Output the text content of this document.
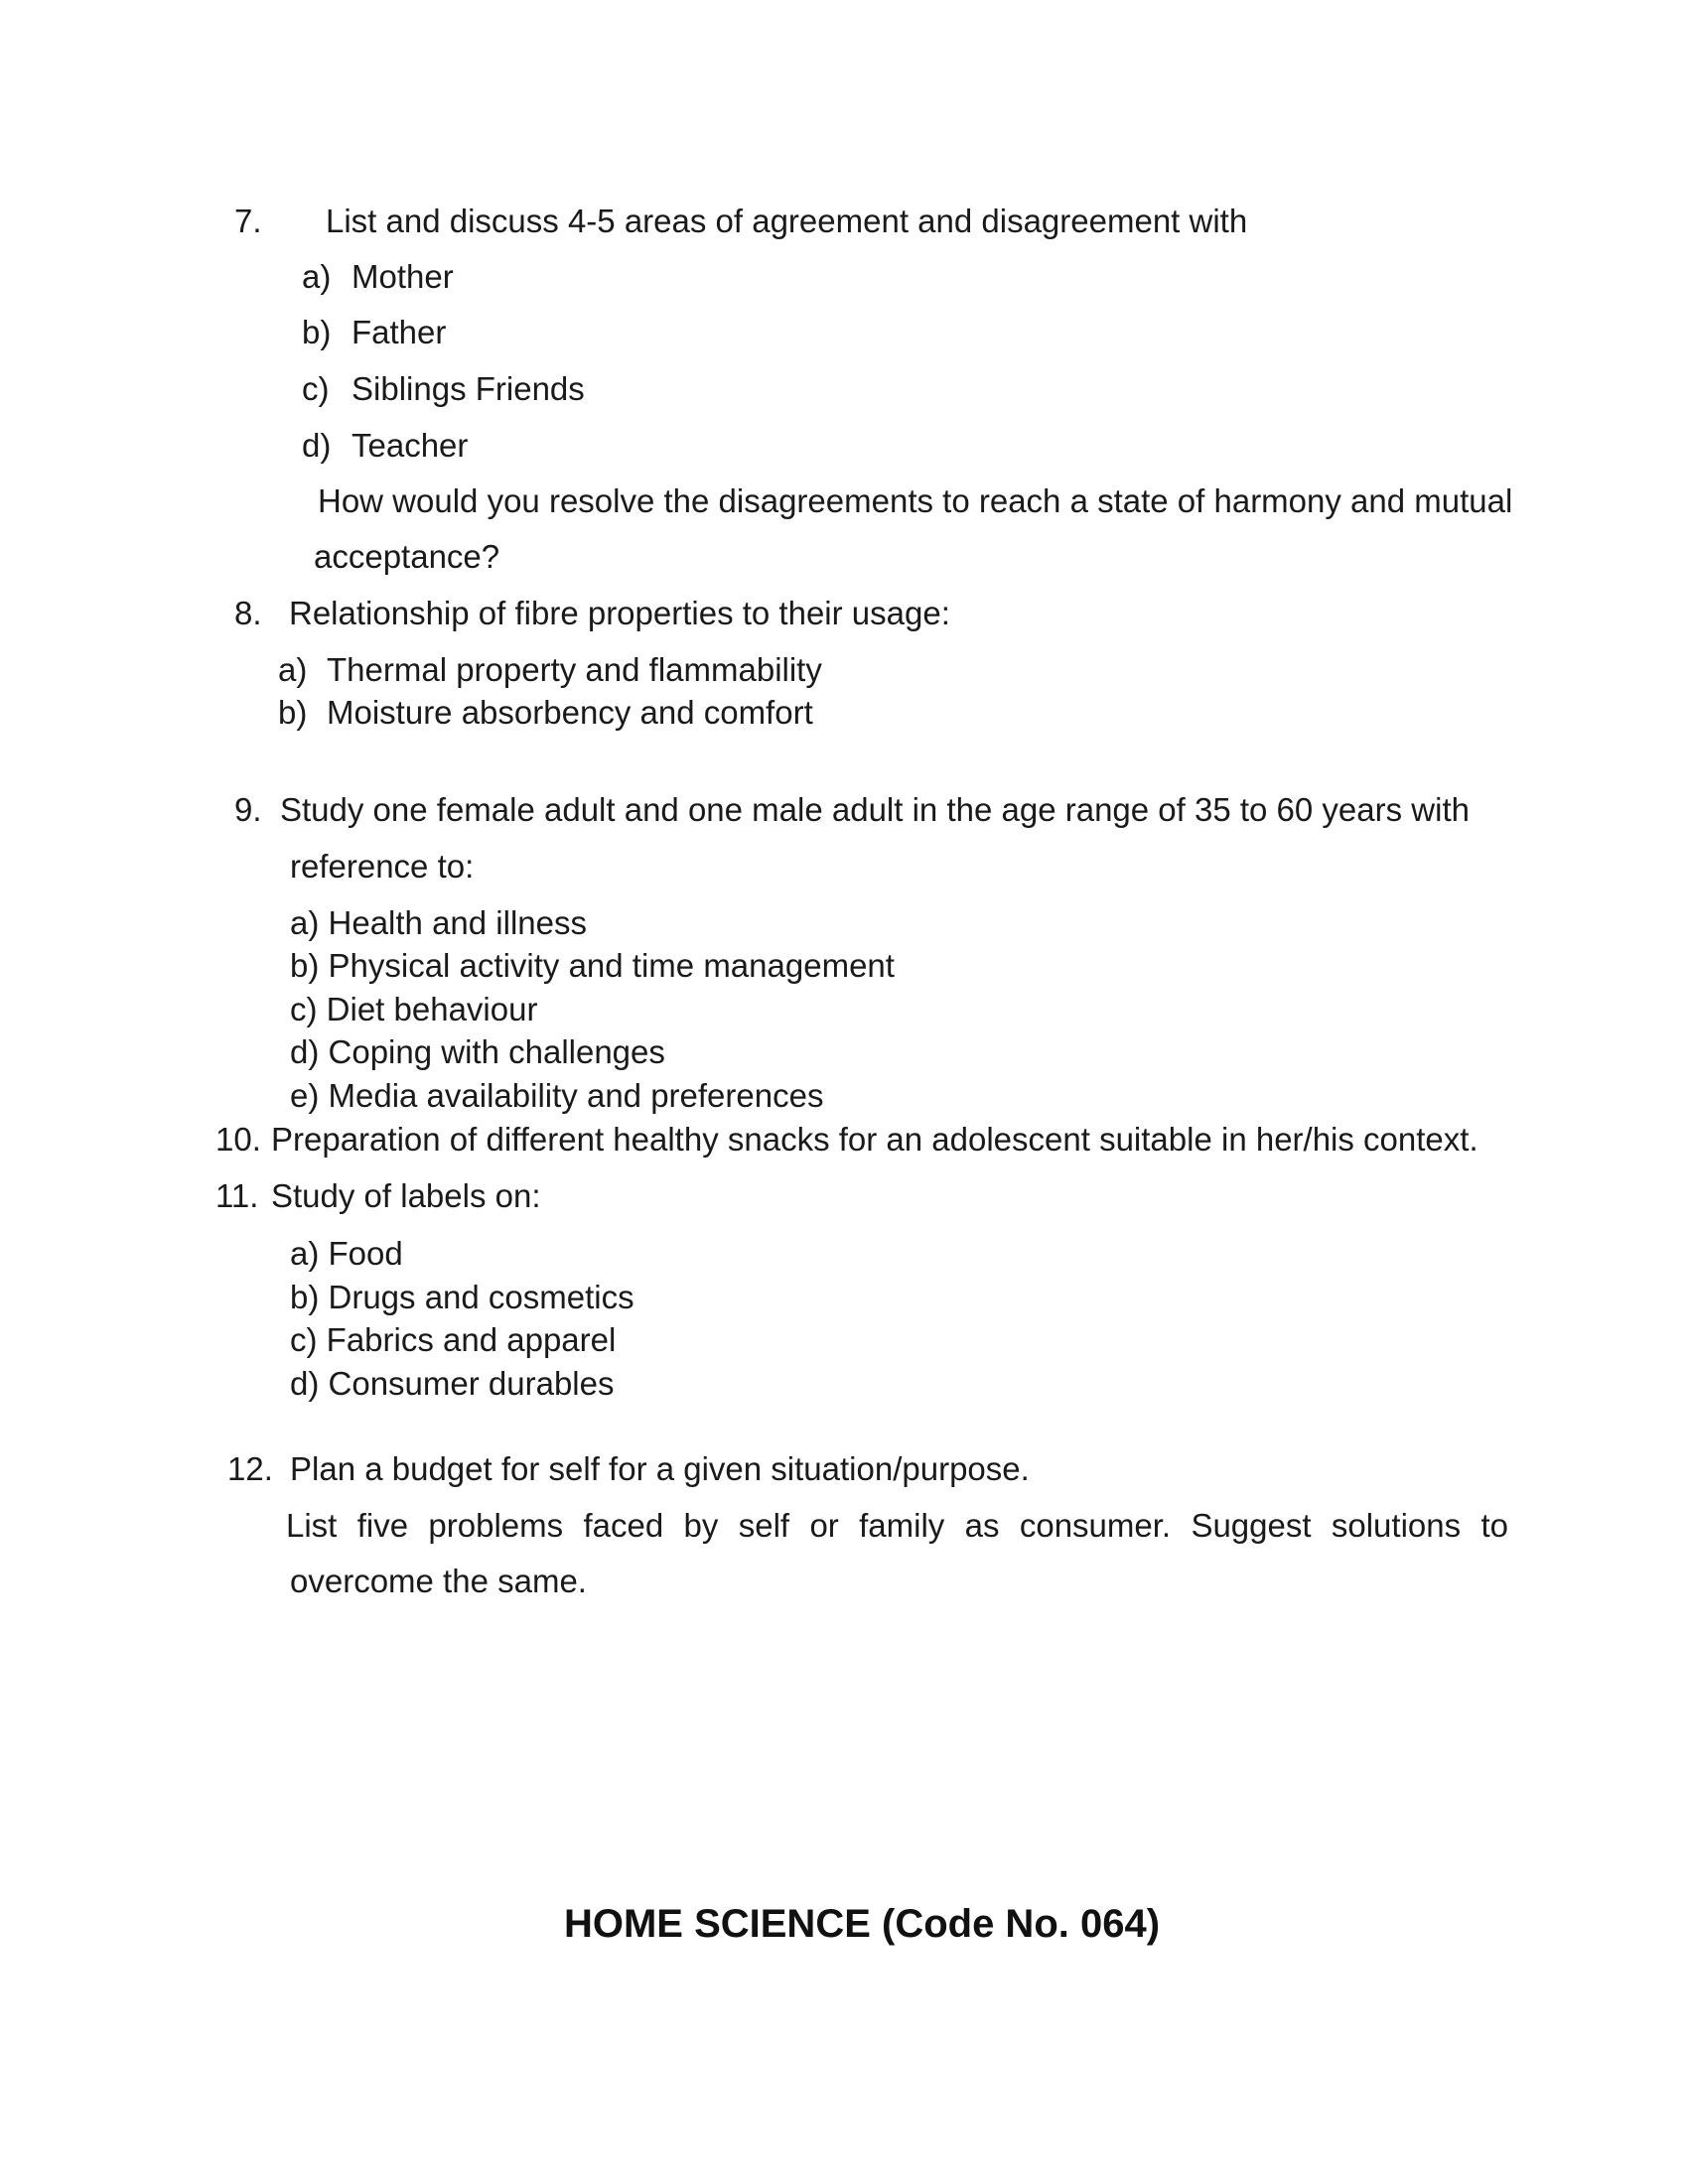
7. List and discuss 4-5 areas of agreement and disagreement with
a) Mother
b) Father
c) Siblings Friends
d) Teacher
How would you resolve the disagreements to reach a state of harmony and mutual
acceptance?
8. Relationship of fibre properties to their usage:
a) Thermal property and flammability
b) Moisture absorbency and comfort
9. Study one female adult and one male adult in the age range of 35 to 60 years with
reference to:
a) Health and illness
b) Physical activity and time management
c) Diet behaviour
d) Coping with challenges
e) Media availability and preferences
10. Preparation of different healthy snacks for an adolescent suitable in her/his context.
11. Study of labels on:
a) Food
b) Drugs and cosmetics
c) Fabrics and apparel
d) Consumer durables
12. Plan a budget for self for a given situation/purpose.
List five problems faced by self or family as consumer. Suggest solutions to
overcome the same.
HOME SCIENCE (Code No. 064)
